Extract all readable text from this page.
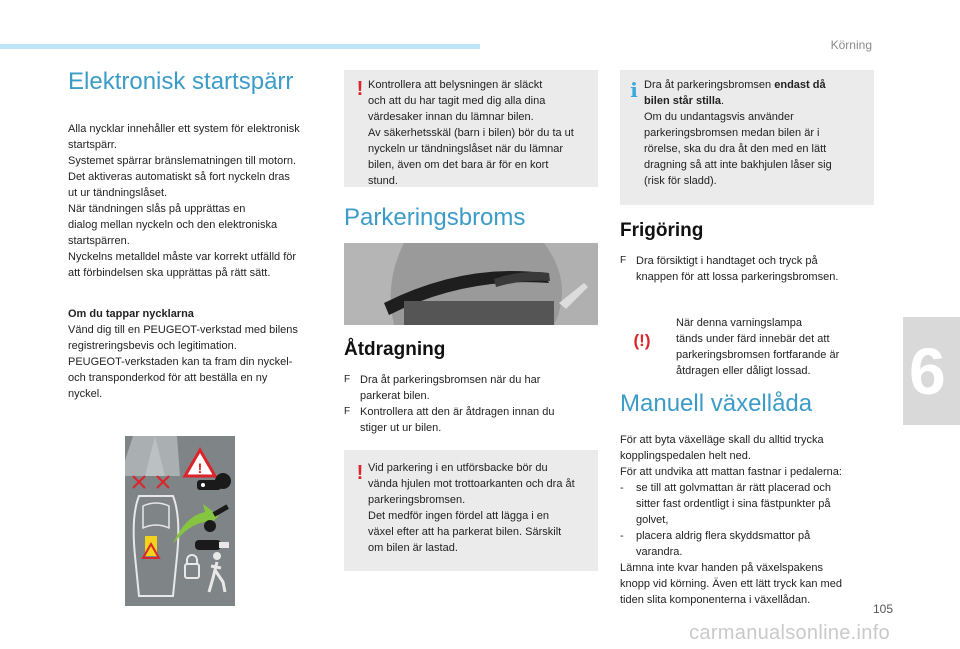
Körning
6
105
carmanualsonline.info
Elektronisk startspärr

Alla nycklar innehåller ett system för elektronisk

startspärr.

Systemet spärrar bränslematningen till motorn.

Det aktiveras automatiskt så fort nyckeln dras

ut ur tändningslåset.

När tändningen slås på upprättas en

dialog mellan nyckeln och den elektroniska

startspärren.

Nyckelns metalldel måste var korrekt utfälld för

att förbindelsen ska upprättas på rätt sätt.

Om du tappar nycklarna

Vänd dig till en PEUGEOT-verkstad med bilens

registreringsbevis och legitimation.

PEUGEOT-verkstaden kan ta fram din nyckel-

och transponderkod för att beställa en ny

nyckel.

!
! Kontrollera att belysningen är släckt

och att du har tagit med dig alla dina

värdesaker innan du lämnar bilen.

Av säkerhetsskäl (barn i bilen) bör du ta ut

nyckeln ur tändningslåset när du lämnar

bilen, även om det bara är för en kort

stund.

Parkeringsbroms
Åtdragning
F Dra åt parkeringsbromsen när du har

parkerat bilen.

F Kontrollera att den är åtdragen innan du

stiger ut ur bilen.

! Vid parkering i en utförsbacke bör du

vända hjulen mot trottoarkanten och dra åt

parkeringsbromsen.

Det medför ingen fördel att lägga i en

växel efter att ha parkerat bilen. Särskilt

om bilen är lastad.

i Dra åt parkeringsbromsen endast då

bilen står stilla.

Om du undantagsvis använder

parkeringsbromsen medan bilen är i

rörelse, ska du dra åt den med en lätt

dragning så att inte bakhjulen låser sig

(risk för sladd).

Frigöring
F Dra försiktigt i handtaget och tryck på

knappen för att lossa parkeringsbromsen.

(!)

När denna varningslampa

tänds under färd innebär det att

parkeringsbromsen fortfarande är

åtdragen eller dåligt lossad.

Manuell växellåda

För att byta växelläge skall du alltid trycka

kopplingspedalen helt ned.

För att undvika att mattan fastnar i pedalerna:

- se till att golvmattan är rätt placerad och

sitter fast ordentligt i sina fästpunkter på

golvet,

- placera aldrig flera skyddsmattor på

varandra.

Lämna inte kvar handen på växelspakens

knopp vid körning. Även ett lätt tryck kan med

tiden slita komponenterna i växellådan.
